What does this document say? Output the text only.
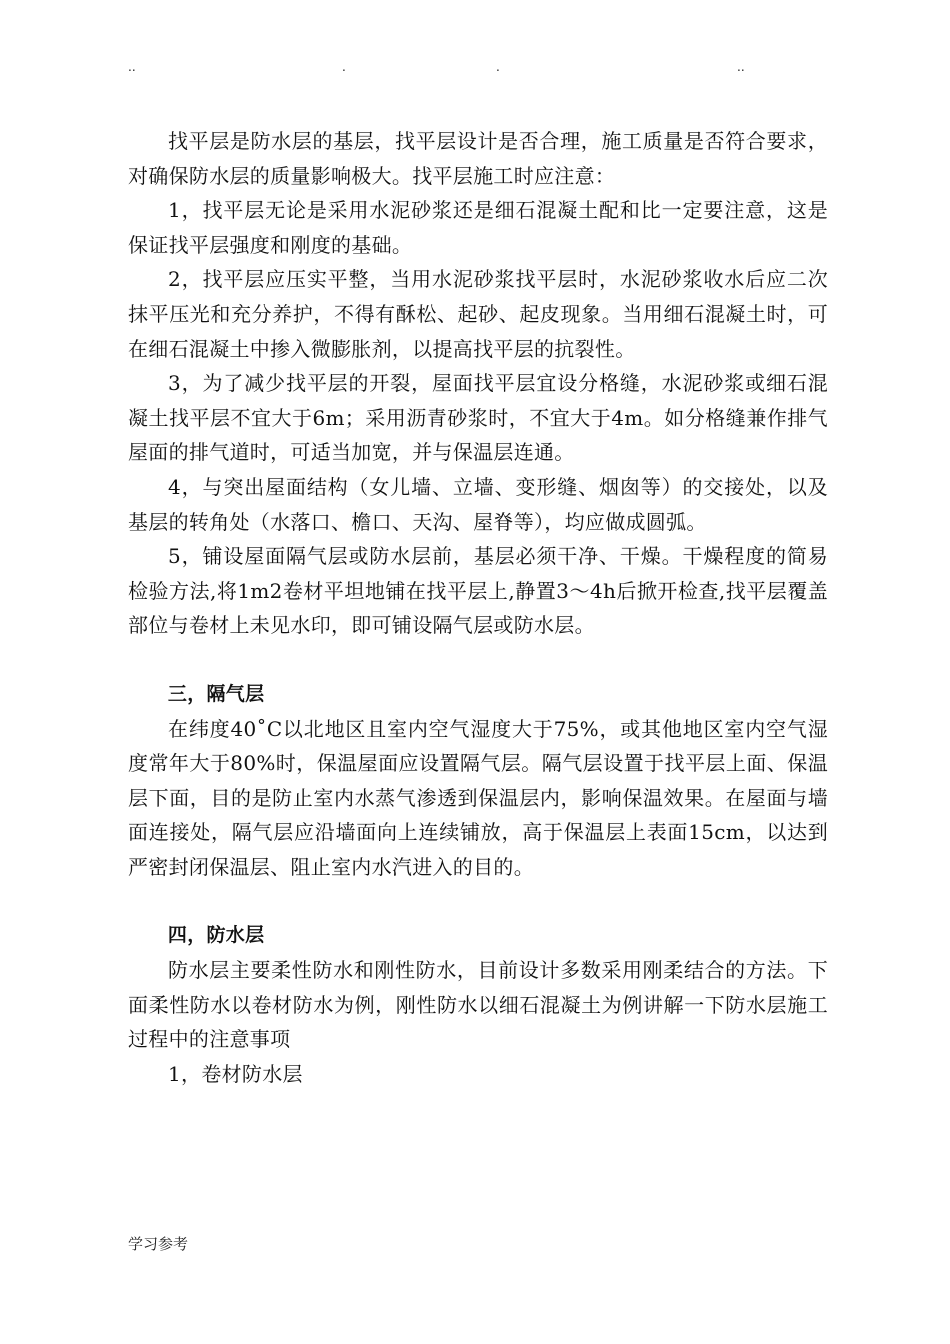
..	.	.	..

找平层是防水层的基层，找平层设计是否合理，施工质量是否符合要求，对确保防水层的质量影响极大。找平层施工时应注意：

1，找平层无论是采用水泥砂浆还是细石混凝土配和比一定要注意，这是保证找平层强度和刚度的基础。

2，找平层应压实平整，当用水泥砂浆找平层时，水泥砂浆收水后应二次抹平压光和充分养护，不得有酥松、起砂、起皮现象。当用细石混凝土时，可在细石混凝土中掺入微膨胀剂，以提高找平层的抗裂性。

3，为了减少找平层的开裂，屋面找平层宜设分格缝，水泥砂浆或细石混凝土找平层不宜大于6m；采用沥青砂浆时，不宜大于4m。如分格缝兼作排气屋面的排气道时，可适当加宽，并与保温层连通。

4，与突出屋面结构（女儿墙、立墙、变形缝、烟囱等）的交接处，以及基层的转角处（水落口、檐口、天沟、屋脊等），均应做成圆弧。

5，铺设屋面隔气层或防水层前，基层必须干净、干燥。干燥程度的简易检验方法,将1m2卷材平坦地铺在找平层上,静置3～4h后掀开检查,找平层覆盖部位与卷材上未见水印，即可铺设隔气层或防水层。

三，隔气层

在纬度40˚C以北地区且室内空气湿度大于75%，或其他地区室内空气湿度常年大于80%时，保温屋面应设置隔气层。隔气层设置于找平层上面、保温层下面，目的是防止室内水蒸气渗透到保温层内，影响保温效果。在屋面与墙面连接处，隔气层应沿墙面向上连续铺放，高于保温层上表面15cm，以达到严密封闭保温层、阻止室内水汽进入的目的。

四，防水层

防水层主要柔性防水和刚性防水，目前设计多数采用刚柔结合的方法。下面柔性防水以卷材防水为例，刚性防水以细石混凝土为例讲解一下防水层施工过程中的注意事项

1，卷材防水层

学习参考
